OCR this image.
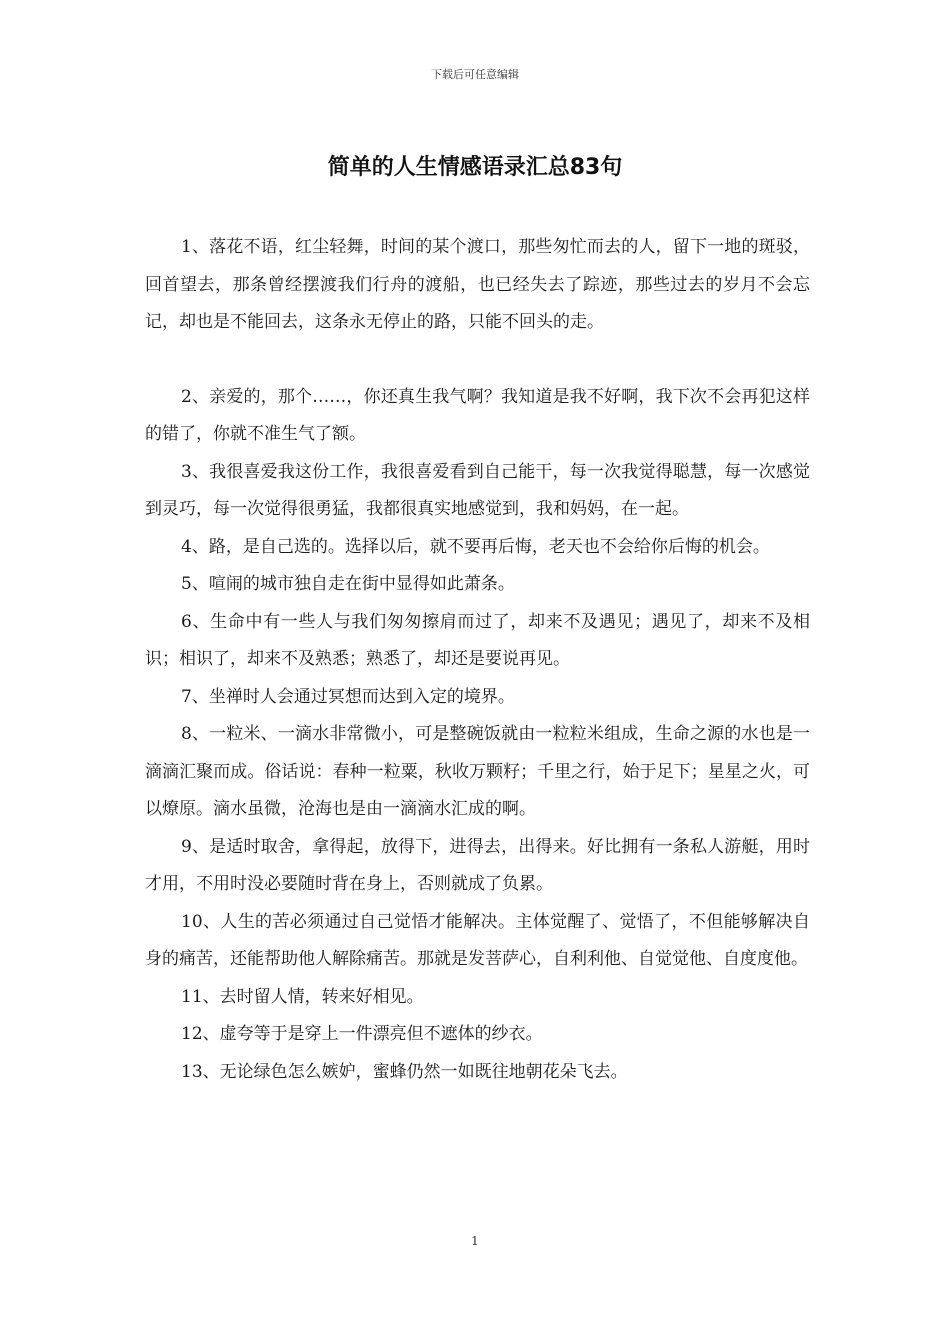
下载后可任意编辑
简单的人生情感语录汇总83句

1、落花不语，红尘轻舞，时间的某个渡口，那些匆忙而去的人，留下一地的斑驳，回首望去，那条曾经摆渡我们行舟的渡船，也已经失去了踪迹，那些过去的岁月不会忘记，却也是不能回去，这条永无停止的路，只能不回头的走。

2、亲爱的，那个……，你还真生我气啊？我知道是我不好啊，我下次不会再犯这样的错了，你就不准生气了额。

3、我很喜爱我这份工作，我很喜爱看到自己能干，每一次我觉得聪慧，每一次感觉到灵巧，每一次觉得很勇猛，我都很真实地感觉到，我和妈妈，在一起。

4、路，是自己选的。选择以后，就不要再后悔，老天也不会给你后悔的机会。

5、喧闹的城市独自走在街中显得如此萧条。

6、生命中有一些人与我们匆匆擦肩而过了，却来不及遇见；遇见了，却来不及相识；相识了，却来不及熟悉；熟悉了，却还是要说再见。

7、坐禅时人会通过冥想而达到入定的境界。

8、一粒米、一滴水非常微小，可是整碗饭就由一粒粒米组成，生命之源的水也是一滴滴汇聚而成。俗话说：春种一粒粟，秋收万颗籽；千里之行，始于足下；星星之火，可以燎原。滴水虽微，沧海也是由一滴滴水汇成的啊。

9、是适时取舍，拿得起，放得下，进得去，出得来。好比拥有一条私人游艇，用时才用，不用时没必要随时背在身上，否则就成了负累。

10、人生的苦必须通过自己觉悟才能解决。主体觉醒了、觉悟了，不但能够解决自身的痛苦，还能帮助他人解除痛苦。那就是发菩萨心，自利利他、自觉觉他、自度度他。

11、去时留人情，转来好相见。

12、虚夸等于是穿上一件漂亮但不遮体的纱衣。

13、无论绿色怎么嫉妒，蜜蜂仍然一如既往地朝花朵飞去。

1
